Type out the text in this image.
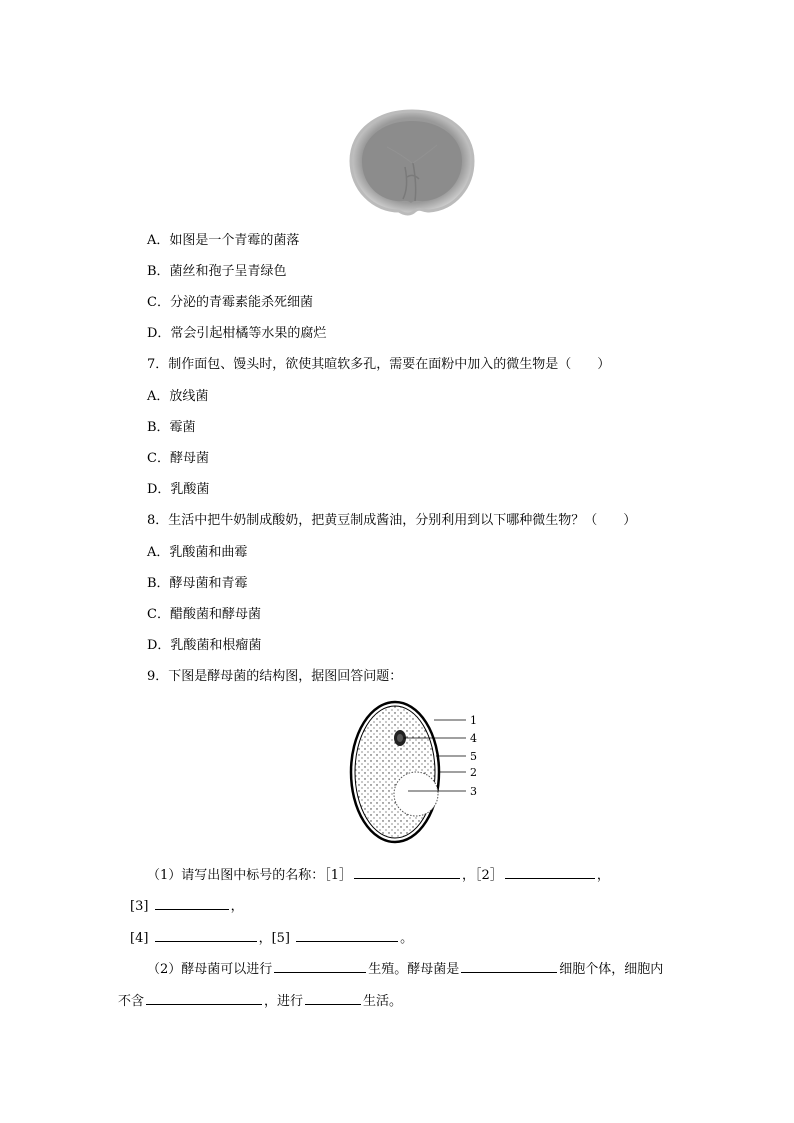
A．如图是一个青霉的菌落
B．菌丝和孢子呈青绿色
C．分泌的青霉素能杀死细菌
D．常会引起柑橘等水果的腐烂
7．制作面包、馒头时，欲使其暄软多孔，需要在面粉中加入的微生物是（　　）
A．放线菌
B．霉菌
C．酵母菌
D．乳酸菌
8．生活中把牛奶制成酸奶，把黄豆制成酱油，分别利用到以下哪种微生物？（　　）
A．乳酸菌和曲霉
B．酵母菌和青霉
C．醋酸菌和酵母菌
D．乳酸菌和根瘤菌
9．下图是酵母菌的结构图，据图回答问题：
1
4
5
2
3
（1）请写出图中标号的名称：［1］	，［2］	，
[3]	，
[4]	，[5]	。
（2）酵母菌可以进行	生殖。酵母菌是	细胞个体，细胞内
不含	，进行	生活。
